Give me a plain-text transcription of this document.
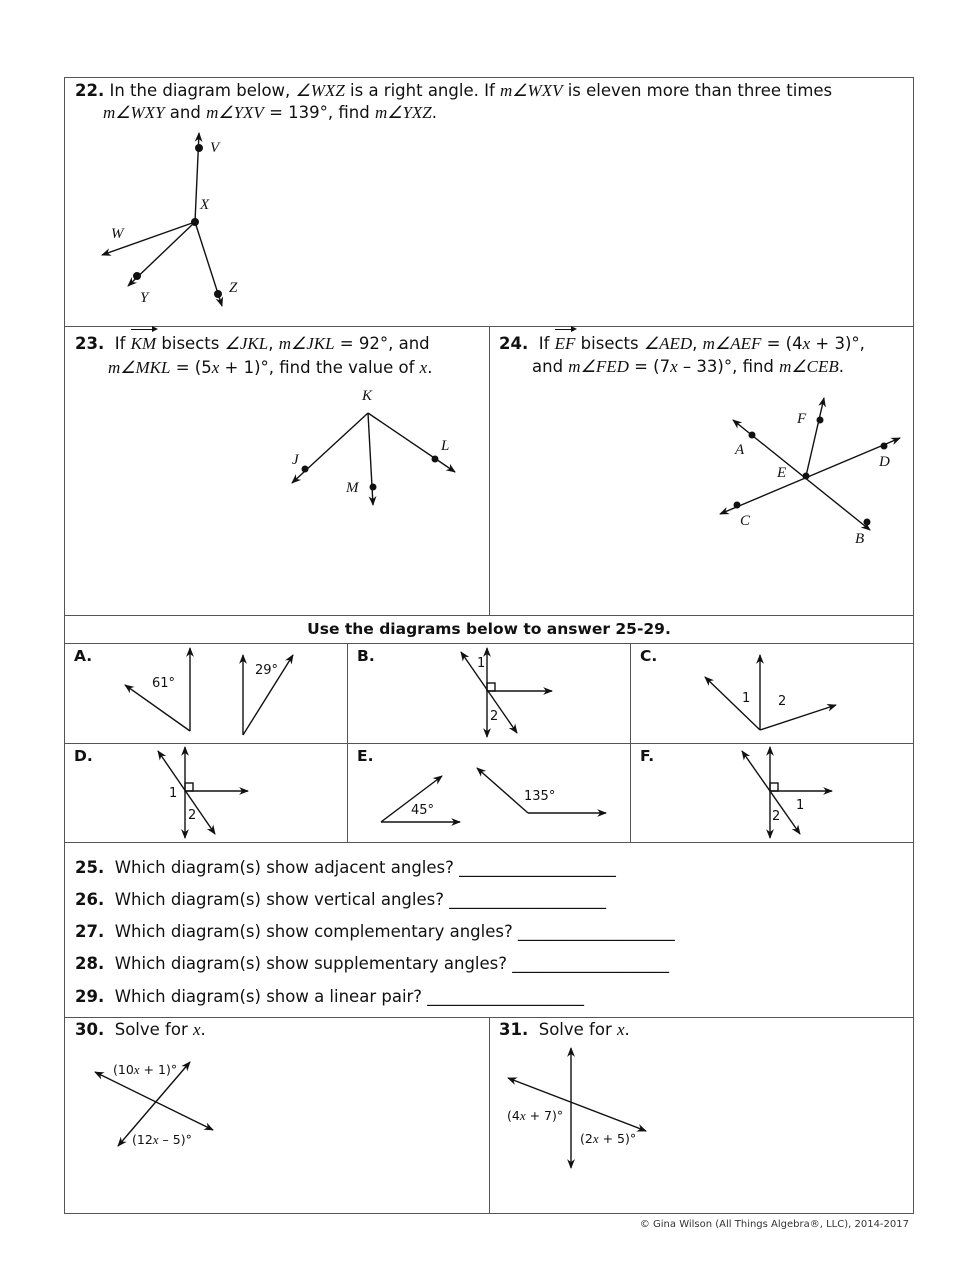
22. In the diagram below, ∠WXZ is a right angle. If m∠WXV is eleven more than three times
m∠WXY and m∠YXV = 139°, find m∠YXZ.
V
X
W
Y
Z
23. If KM bisects ∠JKL, m∠JKL = 92°, and
m∠MKL = (5x + 1)°, find the value of x.
K
J
L
M
24. If EF bisects ∠AED, m∠AEF = (4x + 3)°,
and m∠FED = (7x – 33)°, find m∠CEB.
F
A
D
E
C
B
Use the diagrams below to answer 25-29.
A.
61°
29°
B.	1
2
C.
1 2
D.
1
2
E.
45°
135°
F.
1
2
25. Which diagram(s) show adjacent angles? ___________________
26. Which diagram(s) show vertical angles? ___________________
27. Which diagram(s) show complementary angles? ___________________
28. Which diagram(s) show supplementary angles? ___________________
29. Which diagram(s) show a linear pair? ___________________
30. Solve for x.
(10x + 1)°
(12x – 5)°
31. Solve for x.
(4x + 7)°
(2x + 5)°
© Gina Wilson (All Things Algebra®, LLC), 2014-2017
